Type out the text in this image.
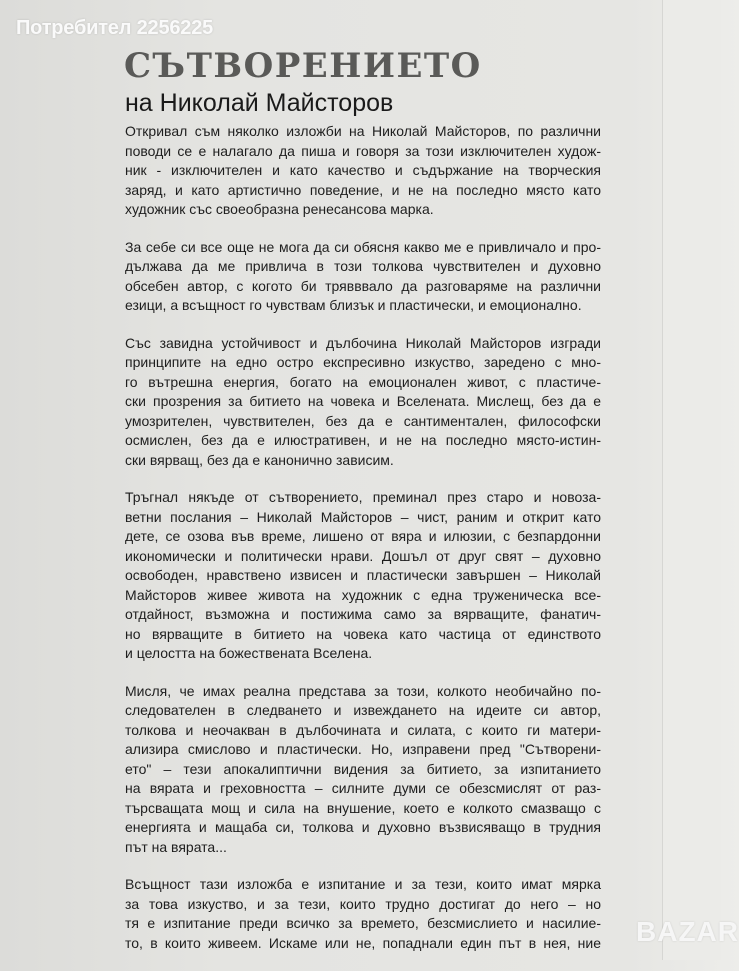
Потребител 2256225
СЪТВОРЕНИЕТО
на Николай Майсторов
Откривал съм няколко изложби на Николай Майсторов, по различни
поводи се е налагало да пиша и говоря за този изключителен худож-
ник - изключителен и като качество и съдържание на творческия
заряд, и като артистично поведение, и не на последно място като
художник със своеобразна ренесансова марка.
За себе си все още не мога да си обясня какво ме е привличало и про-
дължава да ме привлича в този толкова чувствителен и духовно
обсебен автор, с когото би трявввало да разговаряме на различни
езици, а всъщност го чувствам близък и пластически, и емоционално.
Със завидна устойчивост и дълбочина Николай Майсторов изгради
принципите на едно остро експресивно изкуство, заредено с мно-
го вътрешна енергия, богато на емоционален живот, с пластиче-
ски прозрения за битието на човека и Вселената. Мислещ, без да е
умозрителен, чувствителен, без да е сантиментален, философски
осмислен, без да е илюстративен, и не на последно място-истин-
ски вярващ, без да е канонично зависим.
Тръгнал някъде от сътворението, преминал през старо и новоза-
ветни послания – Николай Майсторов – чист, раним и открит като
дете, се озова във време, лишено от вяра и илюзии, с безпардонни
икономически и политически нрави. Дошъл от друг свят – духовно
освободен, нравствено извисен и пластически завършен – Николай
Майсторов живее живота на художник с една труженическа все-
отдайност, възможна и постижима само за вярващите, фанатич-
но вярващите в битието на човека като частица от единството
и целостта на божествената Вселена.
Мисля, че имах реална представа за този, колкото необичайно по-
следователен в следването и извеждането на идеите си автор,
толкова и неочакван в дълбочината и силата, с които ги матери-
ализира смислово и пластически. Но, изправени пред "Сътворени-
ето" – тези апокалиптични видения за битието, за изпитанието
на вярата и греховността – силните думи се обезсмислят от раз-
търсващата мощ и сила на внушение, което е колкото смазващо с
енергията и мащаба си, толкова и духовно възвисяващо в трудния
път на вярата...
Всъщност тази изложба е изпитание и за тези, които имат мярка
за това изкуство, и за тези, които трудно достигат до него – но
тя е изпитание преди всичко за времето, безсмислието и насилие-
то, в които живеем. Искаме или не, попаднали един път в нея, ние BAZAR
